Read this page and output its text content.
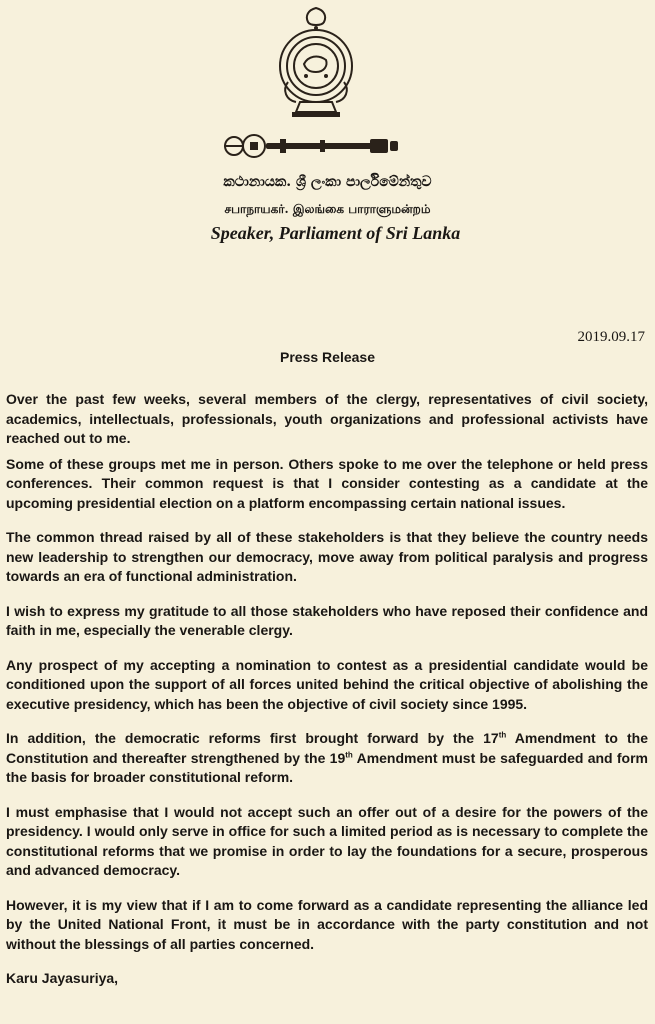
කථානායක. ශ්‍රී ලංකා පාර්ලිමේන්තුව
சபாநாயகர். இலங்கை பாராளுமன்றம்
Speaker, Parliament of Sri Lanka
2019.09.17
Press Release

Over the past few weeks, several members of the clergy, representatives of civil society, academics, intellectuals, professionals, youth organizations and professional activists have reached out to me.

Some of these groups met me in person. Others spoke to me over the telephone or held press conferences. Their common request is that I consider contesting as a candidate at the upcoming presidential election on a platform encompassing certain national issues.

The common thread raised by all of these stakeholders is that they believe the country needs new leadership to strengthen our democracy, move away from political paralysis and progress towards an era of functional administration.

I wish to express my gratitude to all those stakeholders who have reposed their confidence and faith in me, especially the venerable clergy.

Any prospect of my accepting a nomination to contest as a presidential candidate would be conditioned upon the support of all forces united behind the critical objective of abolishing the executive presidency, which has been the objective of civil society since 1995.

In addition, the democratic reforms first brought forward by the 17th Amendment to the Constitution and thereafter strengthened by the 19th Amendment must be safeguarded and form the basis for broader constitutional reform.

I must emphasise that I would not accept such an offer out of a desire for the powers of the presidency. I would only serve in office for such a limited period as is necessary to complete the constitutional reforms that we promise in order to lay the foundations for a secure, prosperous and advanced democracy.

However, it is my view that if I am to come forward as a candidate representing the alliance led by the United National Front, it must be in accordance with the party constitution and not without the blessings of all parties concerned.

Karu Jayasuriya,
